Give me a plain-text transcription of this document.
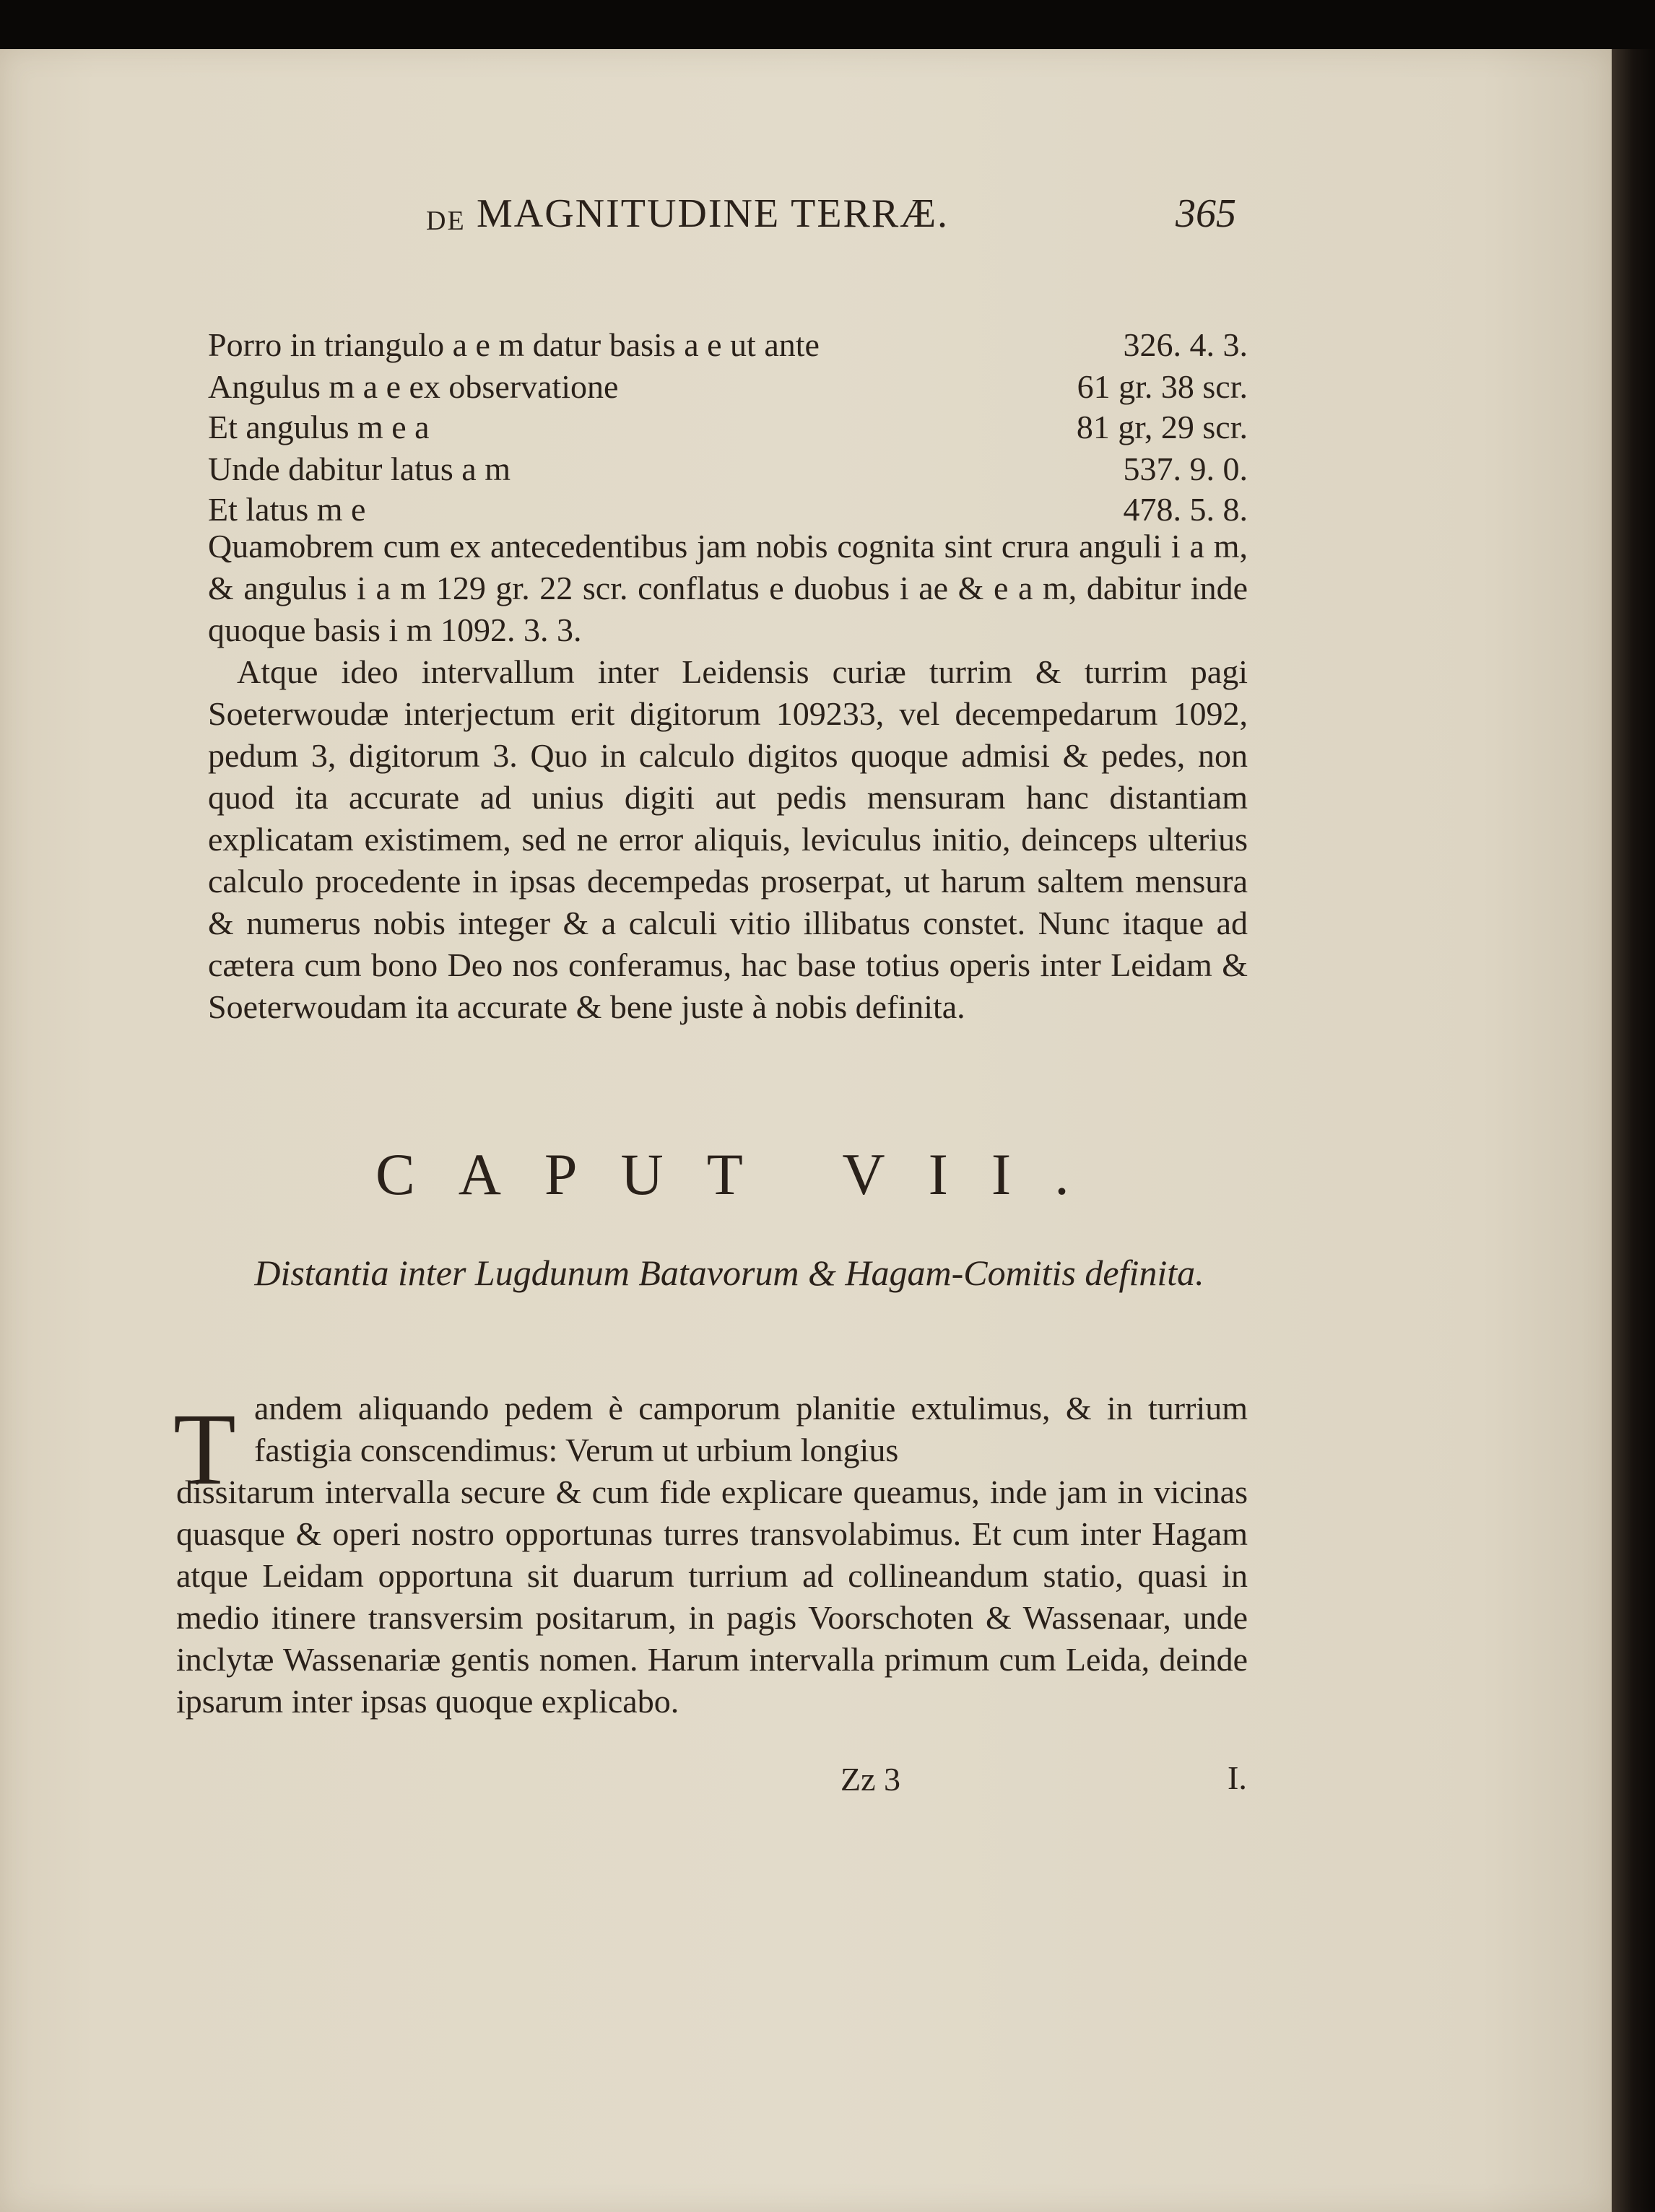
DE MAGNITUDINE TERRÆ.	365
Porro in triangulo a e m datur basis a e ut ante	326. 4. 3.
Angulus m a e ex observatione	61 gr. 38 scr.
Et angulus m e a	81 gr, 29 scr.
Unde dabitur latus a m	537. 9. 0.
Et latus m e	478. 5. 8.
Quamobrem cum ex antecedentibus jam nobis cognita sint crura anguli i a m, & angulus i a m 129 gr. 22 scr. conflatus e duobus i ae & e a m, dabitur inde quoque basis i m 1092. 3. 3.
Atque ideo intervallum inter Leidensis curiæ turrim & turrim pagi Soeterwoudæ interjectum erit digitorum 109233, vel decempedarum 1092, pedum 3, digitorum 3. Quo in calculo digitos quoque admisi & pedes, non quod ita accurate ad unius digiti aut pedis mensuram hanc distantiam explicatam existimem, sed ne error aliquis, leviculus initio, deinceps ulterius calculo procedente in ipsas decempedas proserpat, ut harum saltem mensura & numerus nobis integer & a calculi vitio illibatus constet. Nunc itaque ad cætera cum bono Deo nos conferamus, hac base totius operis inter Leidam & Soeterwoudam ita accurate & bene juste à nobis definita.
CAPUT VII.
Distantia inter Lugdunum Batavorum & Hagam-Comitis definita.
T andem aliquando pedem è camporum planitie extulimus, & in turrium fastigia conscendimus: Verum ut urbium longius
dissitarum intervalla secure & cum fide explicare queamus, inde jam in vicinas quasque & operi nostro opportunas turres transvolabimus. Et cum inter Hagam atque Leidam opportuna sit duarum turrium ad collineandum statio, quasi in medio itinere transversim positarum, in pagis Voorschoten & Wassenaar, unde inclytæ Wassenariæ gentis nomen. Harum intervalla primum cum Leida, deinde ipsarum inter ipsas quoque explicabo.
Zz 3	I.
